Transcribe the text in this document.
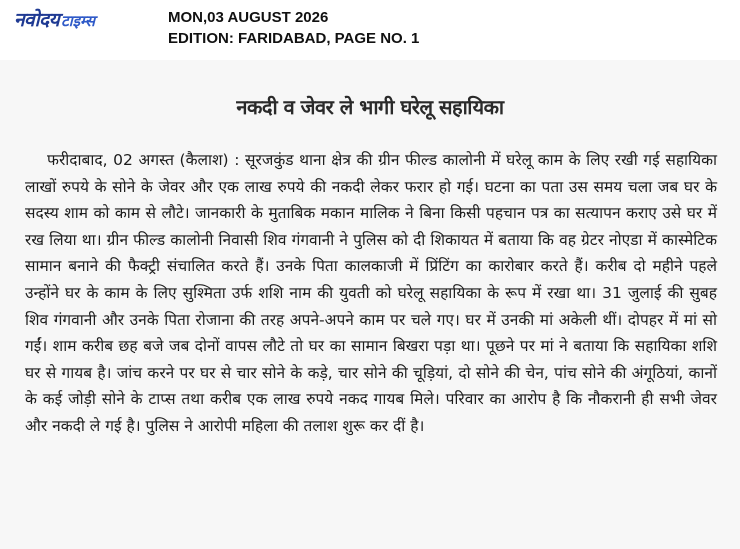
नवोदय टाइम्स	MON,03 AUGUST 2026
EDITION: FARIDABAD, PAGE NO. 1
नकदी व जेवर ले भागी घरेलू सहायिका

फरीदाबाद, 02 अगस्त (कैलाश) : सूरजकुंड थाना क्षेत्र की ग्रीन फील्ड कालोनी में घरेलू काम के लिए रखी गई सहायिका लाखों रुपये के सोने के जेवर और एक लाख रुपये की नकदी लेकर फरार हो गई। घटना का पता उस समय चला जब घर के सदस्य शाम को काम से लौटे। जानकारी के मुताबिक मकान मालिक ने बिना किसी पहचान पत्र का सत्यापन कराए उसे घर में रख लिया था। ग्रीन फील्ड कालोनी निवासी शिव गंगवानी ने पुलिस को दी शिकायत में बताया कि वह ग्रेटर नोएडा में कास्मेटिक सामान बनाने की फैक्ट्री संचालित करते हैं। उनके पिता कालकाजी में प्रिंटिंग का कारोबार करते हैं। करीब दो महीने पहले उन्होंने घर के काम के लिए सुश्मिता उर्फ शशि नाम की युवती को घरेलू सहायिका के रूप में रखा था। 31 जुलाई की सुबह शिव गंगवानी और उनके पिता रोजाना की तरह अपने-अपने काम पर चले गए। घर में उनकी मां अकेली थीं। दोपहर में मां सो गईं। शाम करीब छह बजे जब दोनों वापस लौटे तो घर का सामान बिखरा पड़ा था। पूछने पर मां ने बताया कि सहायिका शशि घर से गायब है। जांच करने पर घर से चार सोने के कड़े, चार सोने की चूड़ियां, दो सोने की चेन, पांच सोने की अंगूठियां, कानों के कई जोड़ी सोने के टाप्स तथा करीब एक लाख रुपये नकद गायब मिले। परिवार का आरोप है कि नौकरानी ही सभी जेवर और नकदी ले गई है। पुलिस ने आरोपी महिला की तलाश शुरू कर दीं है।
